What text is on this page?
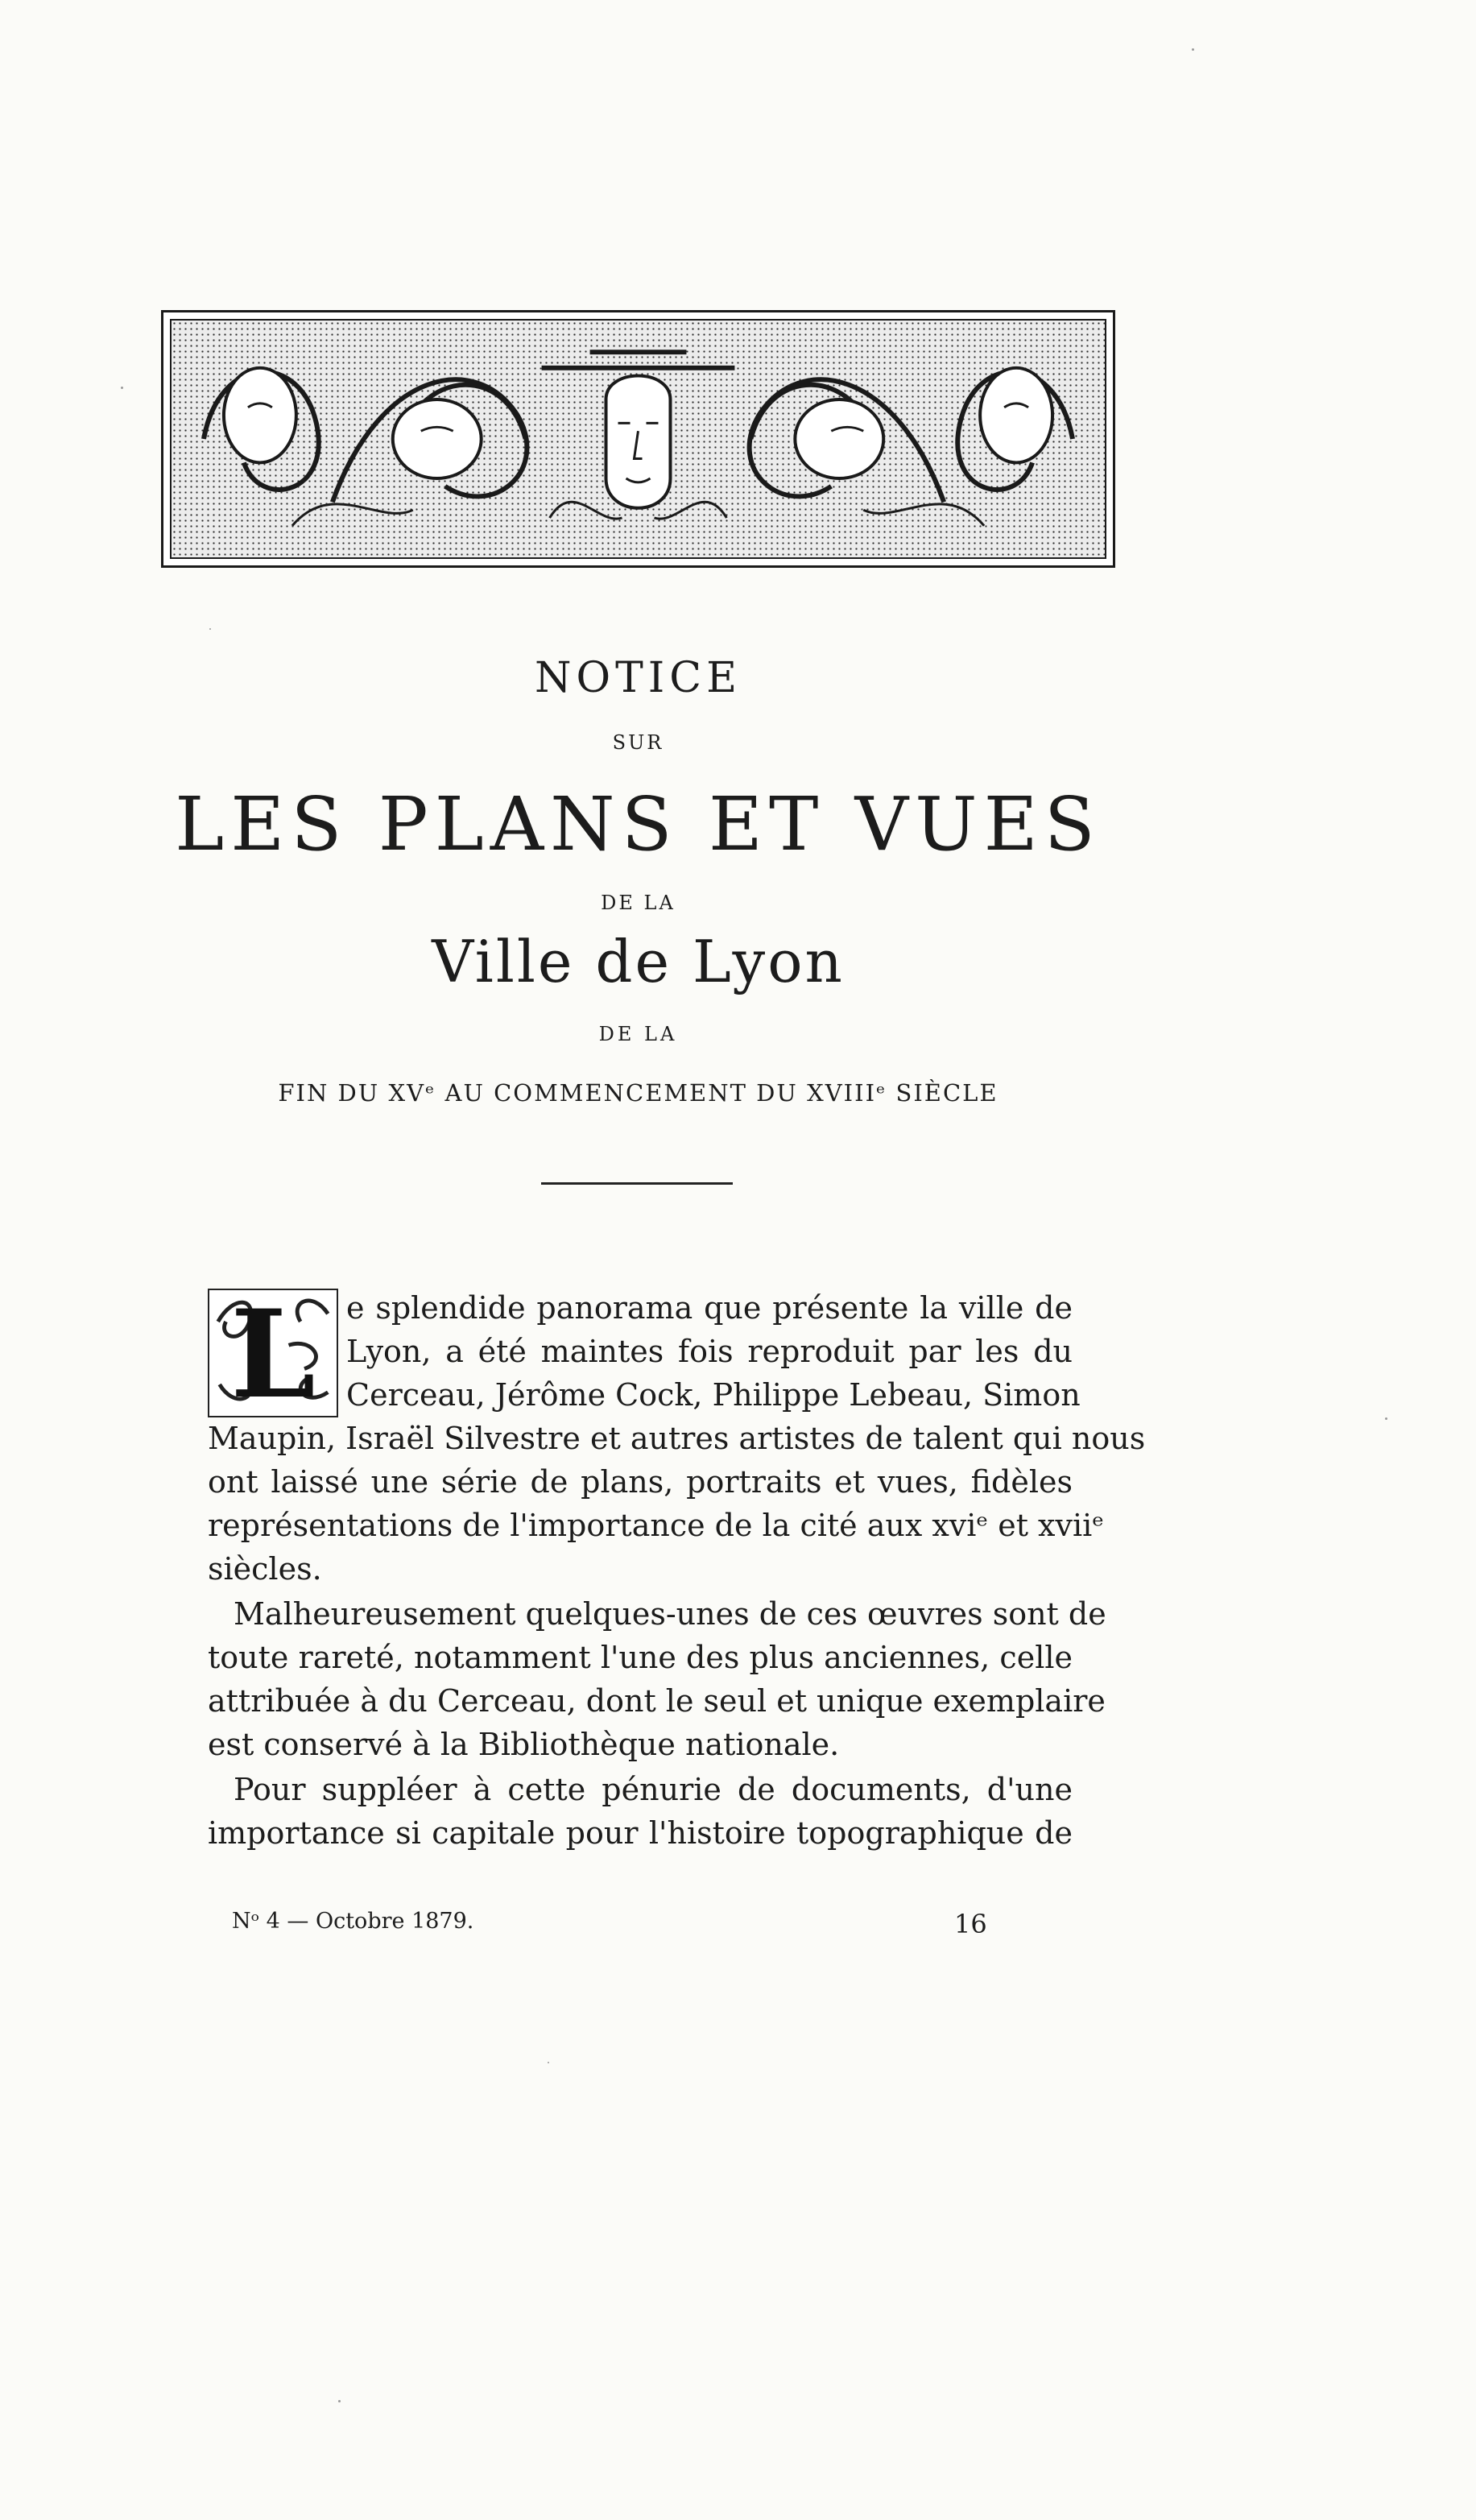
NOTICE
SUR
LES PLANS ET VUES
DE LA
Ville de Lyon
DE LA
FIN DU XVᵉ AU COMMENCEMENT DU XVIIIᵉ SIÈCLE
L	e splendide panorama que présente la ville de
Lyon, a été maintes fois reproduit par les du
Cerceau, Jérôme Cock, Philippe Lebeau, Simon
Maupin, Israël Silvestre et autres artistes de talent qui nous
ont laissé une série de plans, portraits et vues, fidèles
représentations de l'importance de la cité aux xviᵉ et xviiᵉ
siècles.
Malheureusement quelques-unes de ces œuvres sont de
toute rareté, notamment l'une des plus anciennes, celle
attribuée à du Cerceau, dont le seul et unique exemplaire
est conservé à la Bibliothèque nationale.
Pour suppléer à cette pénurie de documents, d'une
importance si capitale pour l'histoire topographique de
Nᵒ 4 — Octobre 1879.	16
